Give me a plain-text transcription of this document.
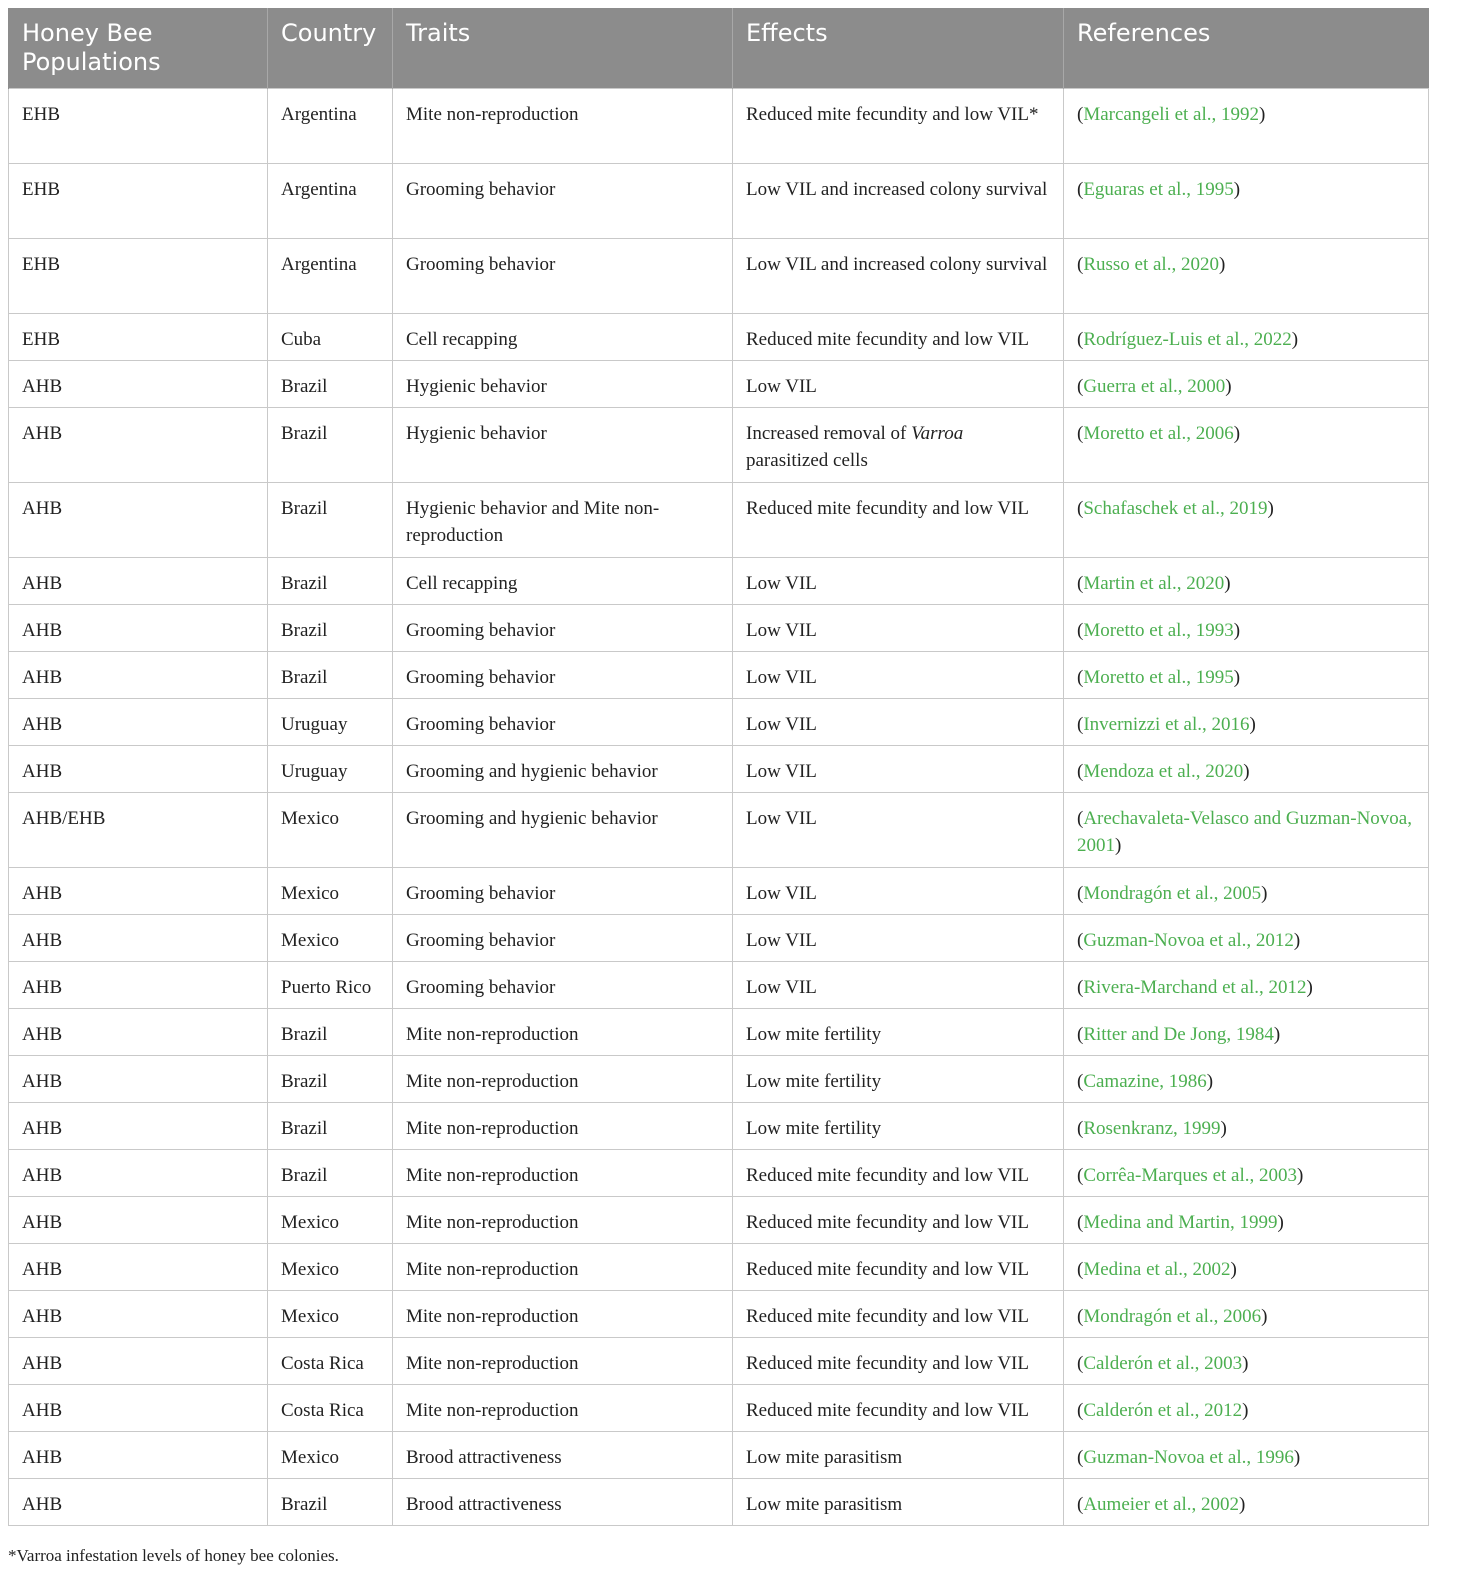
Honey Bee Populations	Country	Traits	Effects	References
EHB	Argentina	Mite non-reproduction	Reduced mite fecundity and low VIL*	(Marcangeli et al., 1992)
EHB	Argentina	Grooming behavior	Low VIL and increased colony survival	(Eguaras et al., 1995)
EHB	Argentina	Grooming behavior	Low VIL and increased colony survival	(Russo et al., 2020)
EHB	Cuba	Cell recapping	Reduced mite fecundity and low VIL	(Rodríguez-Luis et al., 2022)
AHB	Brazil	Hygienic behavior	Low VIL	(Guerra et al., 2000)
AHB	Brazil	Hygienic behavior	Increased removal of Varroa parasitized cells	(Moretto et al., 2006)
AHB	Brazil	Hygienic behavior and Mite non-reproduction	Reduced mite fecundity and low VIL	(Schafaschek et al., 2019)
AHB	Brazil	Cell recapping	Low VIL	(Martin et al., 2020)
AHB	Brazil	Grooming behavior	Low VIL	(Moretto et al., 1993)
AHB	Brazil	Grooming behavior	Low VIL	(Moretto et al., 1995)
AHB	Uruguay	Grooming behavior	Low VIL	(Invernizzi et al., 2016)
AHB	Uruguay	Grooming and hygienic behavior	Low VIL	(Mendoza et al., 2020)
AHB/EHB	Mexico	Grooming and hygienic behavior	Low VIL	(Arechavaleta-Velasco and Guzman-Novoa, 2001)
AHB	Mexico	Grooming behavior	Low VIL	(Mondragón et al., 2005)
AHB	Mexico	Grooming behavior	Low VIL	(Guzman-Novoa et al., 2012)
AHB	Puerto Rico	Grooming behavior	Low VIL	(Rivera-Marchand et al., 2012)
AHB	Brazil	Mite non-reproduction	Low mite fertility	(Ritter and De Jong, 1984)
AHB	Brazil	Mite non-reproduction	Low mite fertility	(Camazine, 1986)
AHB	Brazil	Mite non-reproduction	Low mite fertility	(Rosenkranz, 1999)
AHB	Brazil	Mite non-reproduction	Reduced mite fecundity and low VIL	(Corrêa-Marques et al., 2003)
AHB	Mexico	Mite non-reproduction	Reduced mite fecundity and low VIL	(Medina and Martin, 1999)
AHB	Mexico	Mite non-reproduction	Reduced mite fecundity and low VIL	(Medina et al., 2002)
AHB	Mexico	Mite non-reproduction	Reduced mite fecundity and low VIL	(Mondragón et al., 2006)
AHB	Costa Rica	Mite non-reproduction	Reduced mite fecundity and low VIL	(Calderón et al., 2003)
AHB	Costa Rica	Mite non-reproduction	Reduced mite fecundity and low VIL	(Calderón et al., 2012)
AHB	Mexico	Brood attractiveness	Low mite parasitism	(Guzman-Novoa et al., 1996)
AHB	Brazil	Brood attractiveness	Low mite parasitism	(Aumeier et al., 2002)
*Varroa infestation levels of honey bee colonies.
